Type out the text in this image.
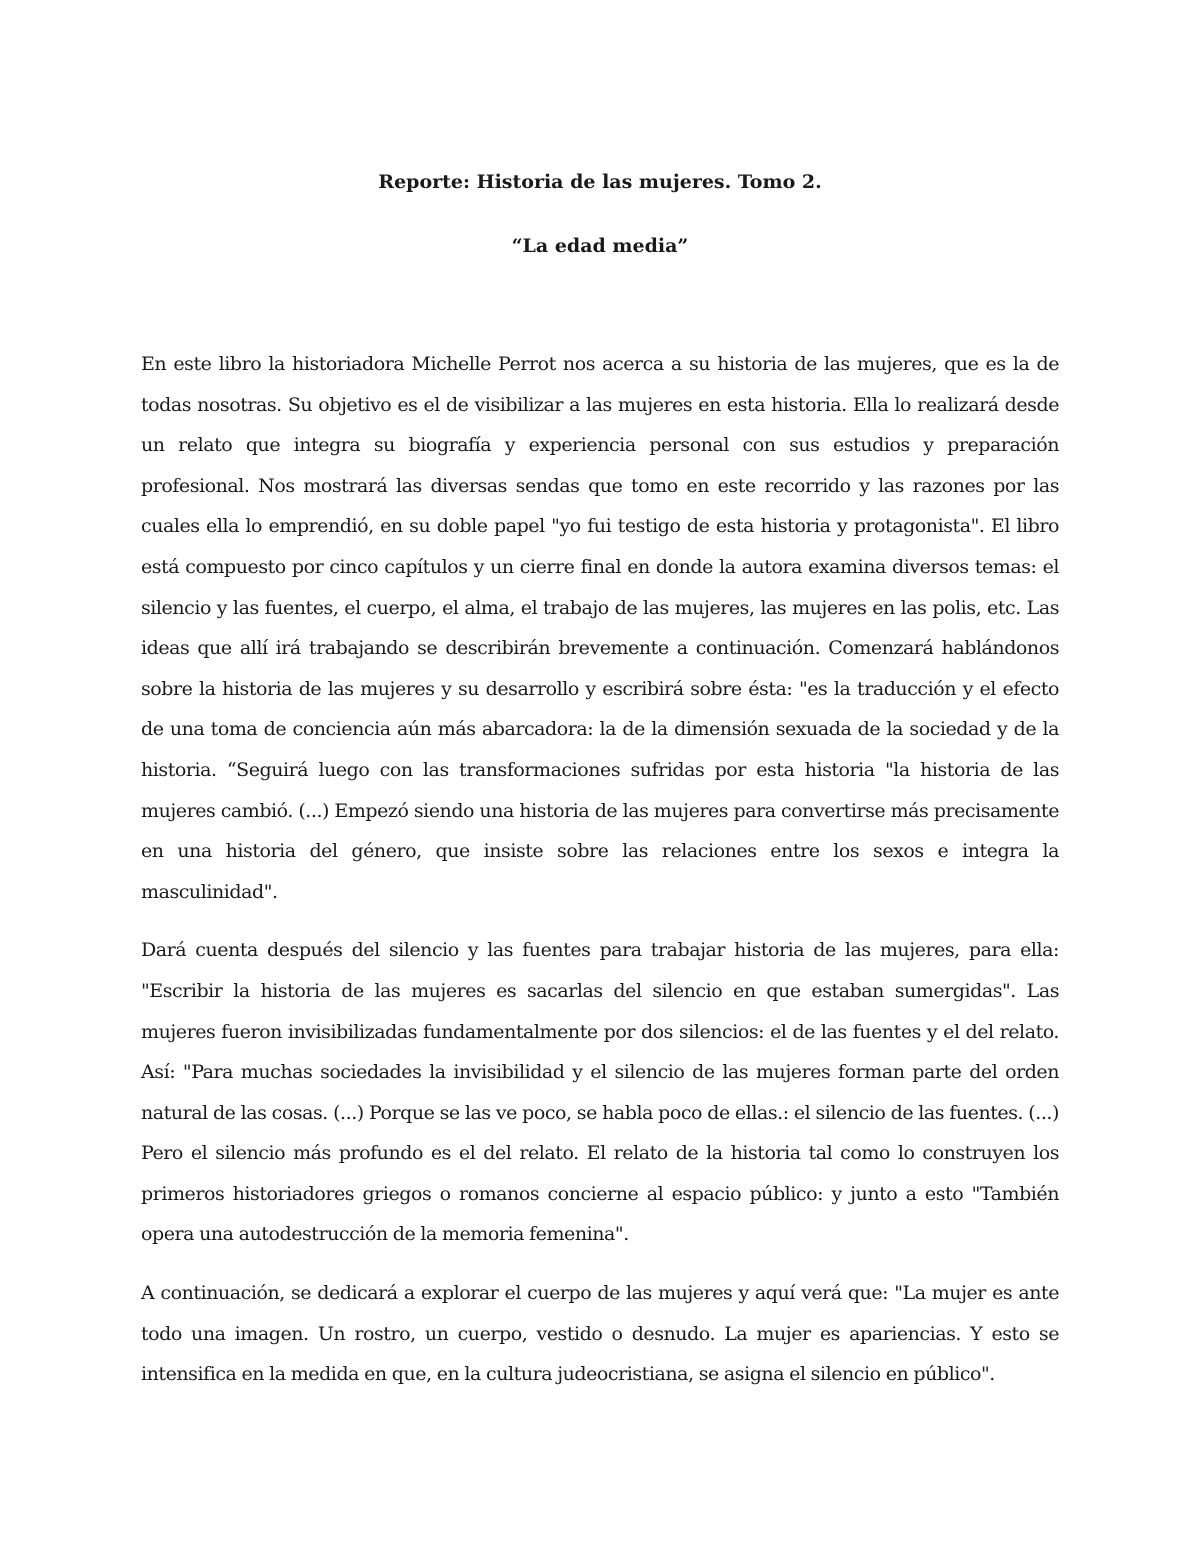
Reporte: Historia de las mujeres. Tomo 2.
“La edad media”

En este libro la historiadora Michelle Perrot nos acerca a su historia de las mujeres, que es la de todas nosotras. Su objetivo es el de visibilizar a las mujeres en esta historia. Ella lo realizará desde un relato que integra su biografía y experiencia personal con sus estudios y preparación profesional. Nos mostrará las diversas sendas que tomo en este recorrido y las razones por las cuales ella lo emprendió, en su doble papel "yo fui testigo de esta historia y protagonista". El libro está compuesto por cinco capítulos y un cierre final en donde la autora examina diversos temas: el silencio y las fuentes, el cuerpo, el alma, el trabajo de las mujeres, las mujeres en las polis, etc. Las ideas que allí irá trabajando se describirán brevemente a continuación. Comenzará hablándonos sobre la historia de las mujeres y su desarrollo y escribirá sobre ésta: "es la traducción y el efecto de una toma de conciencia aún más abarcadora: la de la dimensión sexuada de la sociedad y de la historia. “Seguirá luego con las transformaciones sufridas por esta historia "la historia de las mujeres cambió. (...) Empezó siendo una historia de las mujeres para convertirse más precisamente en una historia del género, que insiste sobre las relaciones entre los sexos e integra la masculinidad".

Dará cuenta después del silencio y las fuentes para trabajar historia de las mujeres, para ella: "Escribir la historia de las mujeres es sacarlas del silencio en que estaban sumergidas". Las mujeres fueron invisibilizadas fundamentalmente por dos silencios: el de las fuentes y el del relato. Así: "Para muchas sociedades la invisibilidad y el silencio de las mujeres forman parte del orden natural de las cosas. (...) Porque se las ve poco, se habla poco de ellas.: el silencio de las fuentes. (...) Pero el silencio más profundo es el del relato. El relato de la historia tal como lo construyen los primeros historiadores griegos o romanos concierne al espacio público: y junto a esto "También opera una autodestrucción de la memoria femenina".

A continuación, se dedicará a explorar el cuerpo de las mujeres y aquí verá que: "La mujer es ante todo una imagen. Un rostro, un cuerpo, vestido o desnudo. La mujer es apariencias. Y esto se intensifica en la medida en que, en la cultura judeocristiana, se asigna el silencio en público".
